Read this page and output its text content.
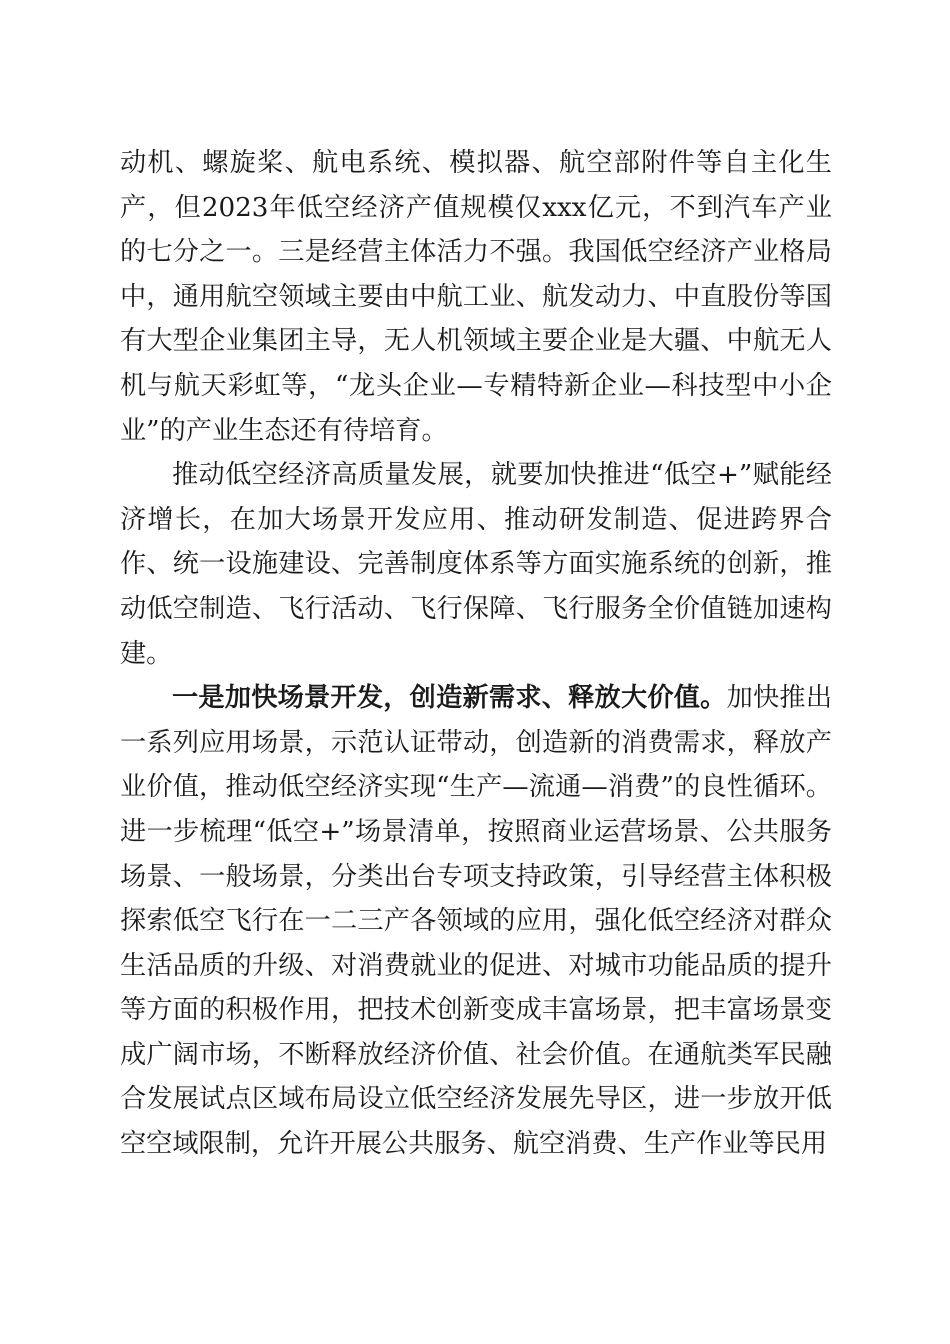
动机、螺旋桨、航电系统、模拟器、航空部附件等自主化生产，但2023年低空经济产值规模仅xxx亿元，不到汽车产业的七分之一。三是经营主体活力不强。我国低空经济产业格局中，通用航空领域主要由中航工业、航发动力、中直股份等国有大型企业集团主导，无人机领域主要企业是大疆、中航无人机与航天彩虹等，“龙头企业—专精特新企业—科技型中小企业”的产业生态还有待培育。

推动低空经济高质量发展，就要加快推进“低空+”赋能经济增长，在加大场景开发应用、推动研发制造、促进跨界合作、统一设施建设、完善制度体系等方面实施系统的创新，推动低空制造、飞行活动、飞行保障、飞行服务全价值链加速构建。

一是加快场景开发，创造新需求、释放大价值。加快推出一系列应用场景，示范认证带动，创造新的消费需求，释放产业价值，推动低空经济实现“生产—流通—消费”的良性循环。进一步梳理“低空+”场景清单，按照商业运营场景、公共服务场景、一般场景，分类出台专项支持政策，引导经营主体积极探索低空飞行在一二三产各领域的应用，强化低空经济对群众生活品质的升级、对消费就业的促进、对城市功能品质的提升等方面的积极作用，把技术创新变成丰富场景，把丰富场景变成广阔市场，不断释放经济价值、社会价值。在通航类军民融合发展试点区域布局设立低空经济发展先导区，进一步放开低空空域限制，允许开展公共服务、航空消费、生产作业等民用
